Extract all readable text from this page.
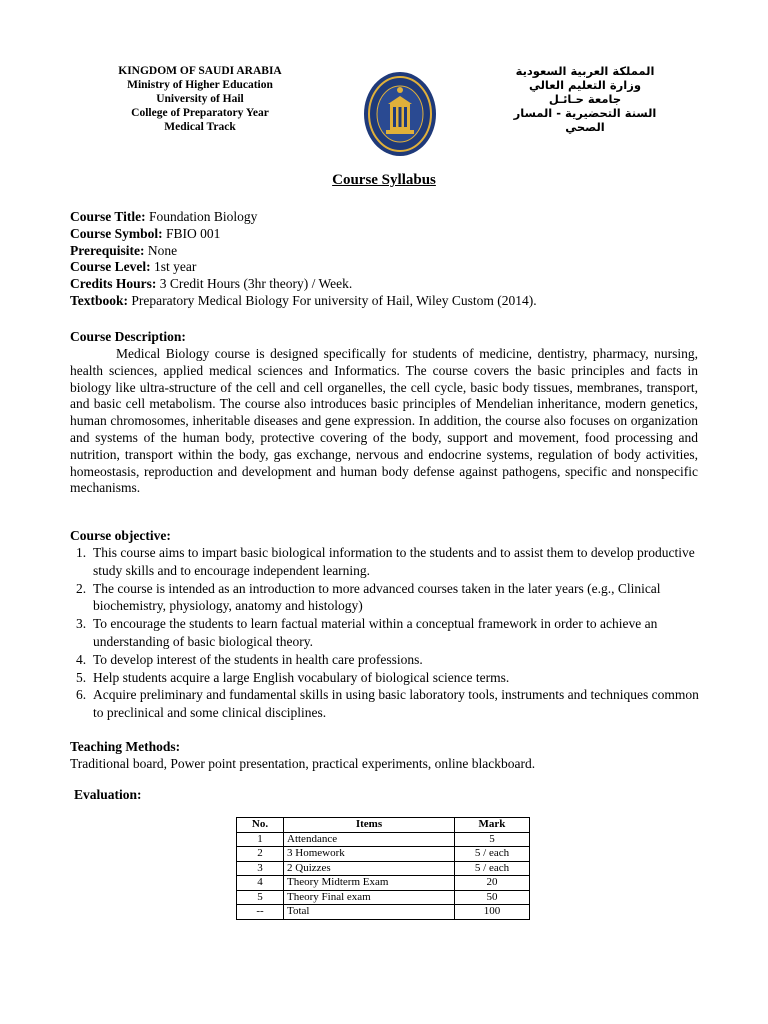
KINGDOM OF SAUDI ARABIA
Ministry of Higher Education
University of Hail
College of Preparatory Year
Medical Track
المملكة العربية السعودية
وزارة التعليم العالي
جامعة حـائـل
السنة التحضيرية - المسار الصحي
Course Syllabus
Course Title: Foundation Biology
Course Symbol: FBIO 001
Prerequisite: None
Course Level: 1st year
Credits Hours: 3 Credit Hours (3hr theory) / Week.
Textbook: Preparatory Medical Biology For university of Hail, Wiley Custom (2014).
Course Description:
Medical Biology course is designed specifically for students of medicine, dentistry, pharmacy, nursing, health sciences, applied medical sciences and Informatics. The course covers the basic principles and facts in biology like ultra-structure of the cell and cell organelles, the cell cycle, basic body tissues, membranes, transport, and basic cell metabolism. The course also introduces basic principles of Mendelian inheritance, modern genetics, human chromosomes, inheritable diseases and gene expression. In addition, the course also focuses on organization and systems of the human body, protective covering of the body, support and movement, food processing and nutrition, transport within the body, gas exchange, nervous and endocrine systems, regulation of body activities, homeostasis, reproduction and development and human body defense against pathogens, specific and nonspecific mechanisms.
Course objective:
1. This course aims to impart basic biological information to the students and to assist them to develop productive study skills and to encourage independent learning.
2. The course is intended as an introduction to more advanced courses taken in the later years (e.g., Clinical biochemistry, physiology, anatomy and histology)
3. To encourage the students to learn factual material within a conceptual framework in order to achieve an understanding of basic biological theory.
4. To develop interest of the students in health care professions.
5. Help students acquire a large English vocabulary of biological science terms.
6. Acquire preliminary and fundamental skills in using basic laboratory tools, instruments and techniques common to preclinical and some clinical disciplines.
Teaching Methods:
Traditional board, Power point presentation, practical experiments, online blackboard.
Evaluation:
No.	Items	Mark
1	Attendance	5
2	3 Homework	5 / each
3	2 Quizzes	5 / each
4	Theory Midterm Exam	20
5	Theory Final exam	50
--	Total	100
